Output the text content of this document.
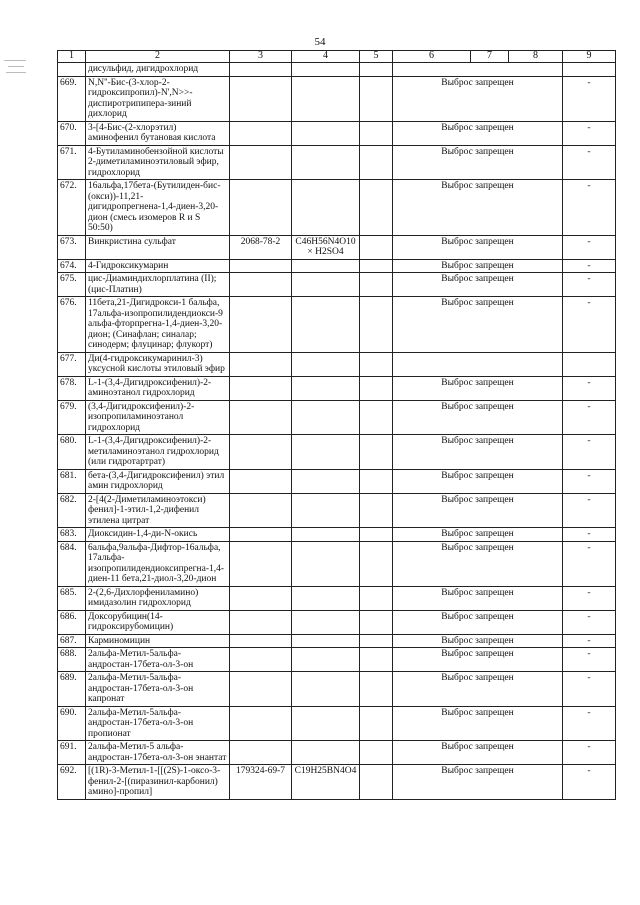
54
1	2	3	4	5	6	7	8	9	
	дисульфид, дигидрохлорид								
669.	N,N''-Бис-(3-хлор-2-гидроксипропил)-N',N>>-диспиротрипипера-зиний дихлорид				Выброс запрещен			-	
670.	3-[4-Бис-(2-хлорэтил) аминофенил бутановая кислота				Выброс запрещен			-	
671.	4-Бутиламинобензойной кислоты 2-диметиламиноэтиловый эфир, гидрохлорид				Выброс запрещен			-	
672.	16альфа,17бета-(Бутилиден-бис-(окси))-11,21-дигидропрегнена-1,4-диен-3,20-дион (смесь изомеров R и S 50:50)				Выброс запрещен			-	
673.	Винкристина сульфат	2068-78-2	C46H56N4O10 × H2SO4		Выброс запрещен			-	
674.	4-Гидроксикумарин				Выброс запрещен			-	
675.	цис-Диаминдихлорплатина (II); (цис-Платин)				Выброс запрещен			-	
676.	11бета,21-Дигидрокси-1 бальфа, 17альфа-изопропилидендиокси-9 альфа-фторпрегна-1,4-диен-3,20-дион; (Синафлан; синалар; синодерм; флуцинар; флукорт)				Выброс запрещен			-	
677.	Ди(4-гидроксикумаринил-3) уксусной кислоты этиловый эфир								
678.	L-1-(3,4-Дигидроксифенил)-2-аминоэтанол гидрохлорид				Выброс запрещен			-	
679.	(3,4-Дигидроксифенил)-2-изопропиламиноэтанол гидрохлорид				Выброс запрещен			-	
680.	L-1-(3,4-Дигидроксифенил)-2-метиламиноэтанол гидрохлорид (или гидротартрат)				Выброс запрещен			-	
681.	бета-(3,4-Дигидроксифенил) этил амин гидрохлорид				Выброс запрещен			-	
682.	2-[4(2-Диметиламиноэтокси) фенил]-1-этил-1,2-дифенил этилена цитрат				Выброс запрещен			-	
683.	Диоксидин-1,4-ди-N-окись				Выброс запрещен			-	
684.	6альфа,9альфа-Дифтор-16альфа, 17альфа-изопропилидендиоксипрегна-1,4-диен-11 бета,21-диол-3,20-дион				Выброс запрещен			-	
685.	2-(2,6-Дихлорфениламино) имидазолин гидрохлорид				Выброс запрещен			-	
686.	Доксорубицин(14-гидроксирубомицин)				Выброс запрещен			-	
687.	Карминомицин				Выброс запрещен			-	
688.	2альфа-Метил-5альфа-андростан-17бета-ол-3-он				Выброс запрещен			-	
689.	2альфа-Метил-5альфа-андростан-17бета-ол-3-он капронат				Выброс запрещен			-	
690.	2альфа-Метил-5альфа-андростан-17бета-ол-3-он пропионат				Выброс запрещен			-	
691.	2альфа-Метил-5 альфа-андростан-17бета-ол-3-он энантат				Выброс запрещен			-	
692.	[(1R)-3-Метил-1-[[(2S)-1-оксо-3-фенил-2-[(пиразинил-карбонил) амино]-пропил]	179324-69-7	C19H25BN4O4		Выброс запрещен			-	
